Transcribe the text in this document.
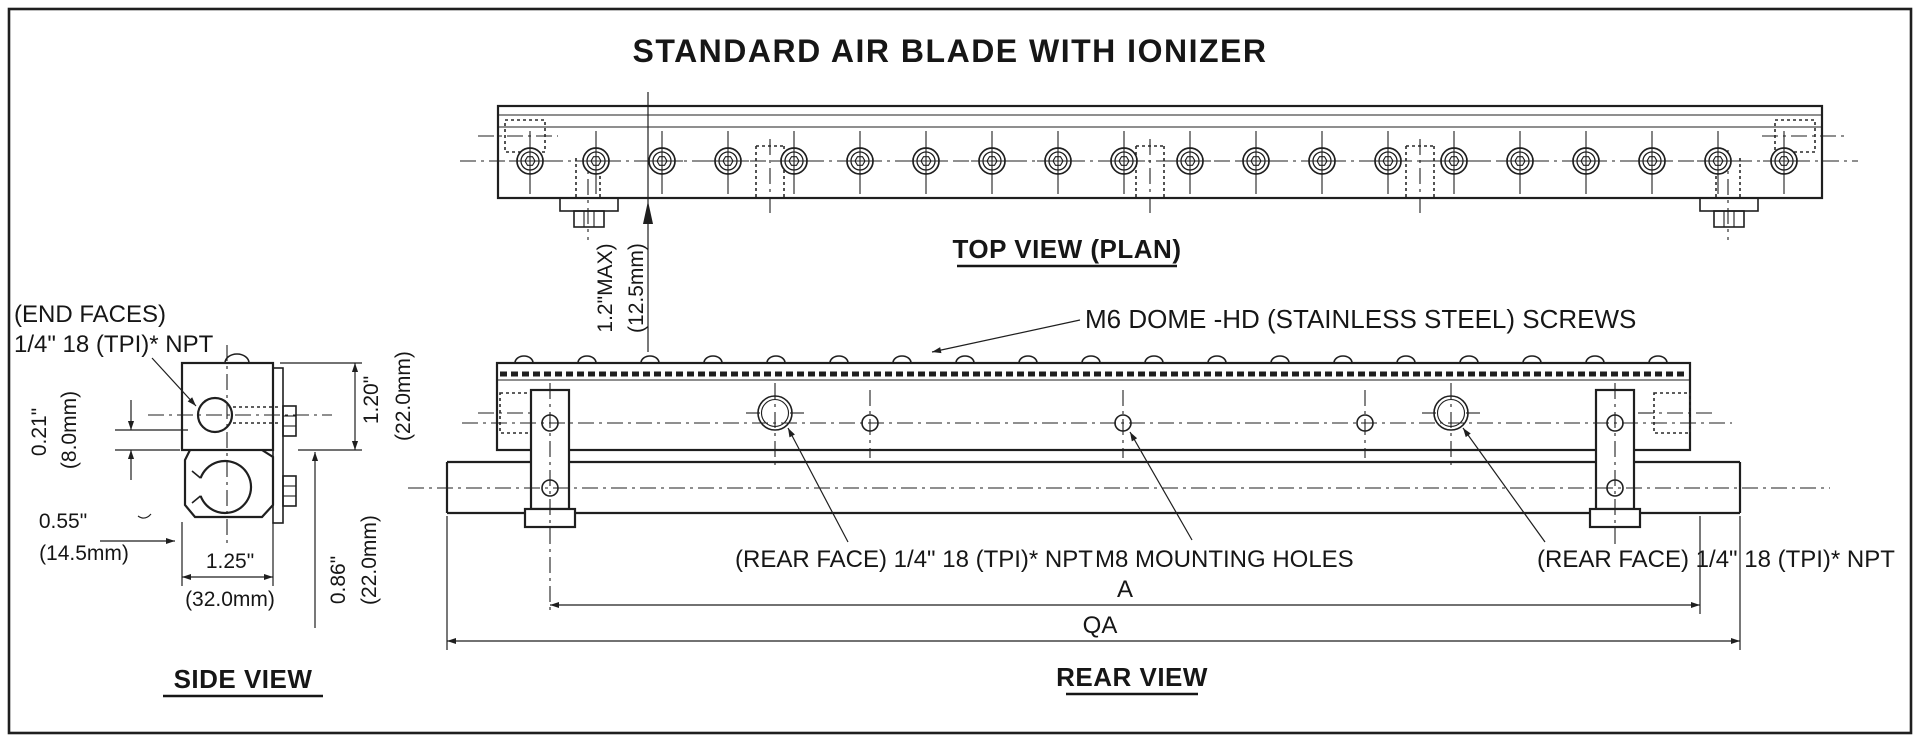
STANDARD AIR BLADE WITH IONIZER
1.2"MAX) (12.5mm)	TOP VIEW (PLAN)
0.21" (8.0mm)
0.55"
(14.5mm)	1.25"
(32.0mm)
1.20" (22.0mm)
0.86" (22.0mm)
(END FACES)
1/4" 18 (TPI)* NPT
SIDE VIEW
M6 DOME -HD (STAINLESS STEEL) SCREWS
(REAR FACE) 1/4" 18 (TPI)* NPT M8 MOUNTING HOLES	(REAR FACE) 1/4" 18 (TPI)* NPT
A
QA
REAR VIEW
